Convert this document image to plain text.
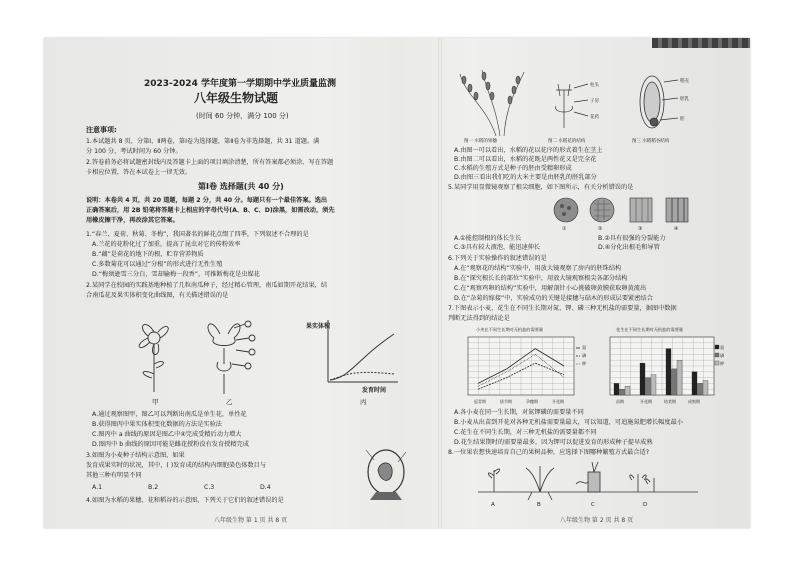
2023-2024 学年度第一学期期中学业质量监测
八年级生物试题
(时间 60 分钟，满分 100 分)
注意事项:
1.本试题共 8 页，分第Ⅰ、Ⅱ两卷，第Ⅰ卷为选择题，第Ⅱ卷为非选择题，共 31 道题。满
分 100 分，考试时间为 60 分钟。
2.答卷前务必将试题密封线内及答题卡上面的项目填涂清楚，所有答案都必须涂、写在答题
卡相应位置，答在本试卷上一律无效。
第Ⅰ卷 选择题(共 40 分)
说明：本卷共 4 页，共 20 道题，每题 2 分，共 40 分。每题只有一个最佳答案。选出
正确答案后，用 2B 铅笔将答题卡上相应的字母代号(A、B、C、D)涂黑，如需改动，须先
用橡皮擦干净，再改涂其它答案。
1.“春兰、夏荷、秋菊、冬梅”，我国著名的鲜花点缀了四季，下列叙述不合理的是
A.兰花的花粉化过了加重，提高了昆虫对它的传粉效率
B.“藕”是荷花的地下的根，贮存营养物质
C.多数菊花可以通过“分根”的形式进行无性生殖
D.“梅须逊雪三分白，雪却输梅一段香”，可推断梅花是虫媒花
2.某同学在校园的实践基地种植了几粒南瓜种子，经过精心管理，南瓜如期开花结果，结
合南瓜花及果实体积变化曲线图，有关描述错误的是
果实体积
发育时间
甲	乙	丙
A.通过观察图甲，图乙可以判断出南瓜是单生花，单性花
B.获得图丙中果实体积变化数据的方法是实验法
C.图丙中 a 曲线的原因是图乙中④完成受精后动力增大
D.图丙中 b 曲线的原因可能是雌花授粉没有发育授精完成
3.如图为小麦种子结构示意图，如果
发育成果实时的状况，其中，( )发育成的结构内细胞染色体数目与
其他三种有明显不同
A.1	B.2	C.3	D.4
4.如图为水稻的果穗、花和稻谷的示意图，下列关于它们的叙述错误的是
八年级生物 第 1 页 共 8 页
图一 水稻的果穗	图二 水稻花的结构	图三 水稻稻谷结构
稻壳
胚乳
胚
柱头
子房
花药
A.由图一可以看出，水稻的花以花序的形式着生在茎上
B.由图二可以看出，水稻的花既是两性花又是完全花
C.水稻的生殖方式是种子的胚由受精卵形成
D.由图三看出我们吃的大米主要是由胚乳的胚乳部分
5.某同学用显微镜观察了根尖细胞，如下图所示，有关分析错误的是
①	②	③	④
A.①能控制根的体长生长	B.②具有很强的分裂能力
C.③具有较大液泡，能迅速伸长	D.④分化出根毛和导管
6.下列关于实验操作的叙述错误的是
A.在“观察花的结构”实验中，用放大镜观察了房内的胚珠结构
B.在“探究根长长的部位”实验中，用放大镜观察根尖各部分结构
C.在“观察鸡卵的结构”实验中，用解剖针小心挑破卵黄膜获取卵黄流出
D.在“杂菊的嫁接”中，实验成功的关键是接穗与砧木的形成层要紧密结合
7.下图表示小麦、花生在不同生长期对氮、钾、磷三种无机盐的需要量，据图中数据
判断无法得到的结论是
小麦在不同生长期对无机盐的需要量	花生在不同生长期对无机盐的需要量
氮
磷
钾
氮
磷
钾
返青期	拔节期	孕穗期	开花期	苗期	开花期	结荚期	成熟期
A.各小麦在同一生长期，对氮钾磷的需要量不同
B.小麦从出苗到开花对各种无机盐需要量最大，可以知道，可追施氮肥增长幅度最小
C.花生在不同生长期，对三种无机盐的需要量都不同
D.花生结果期时的需要量最多，因为钾可以促进发育的形成种子提早成熟
8.一位果农想快速培育自己的果树品种，应选择下图哪种繁殖方式最合适?
A	B	C	D
八年级生物 第 2 页 共 8 页
